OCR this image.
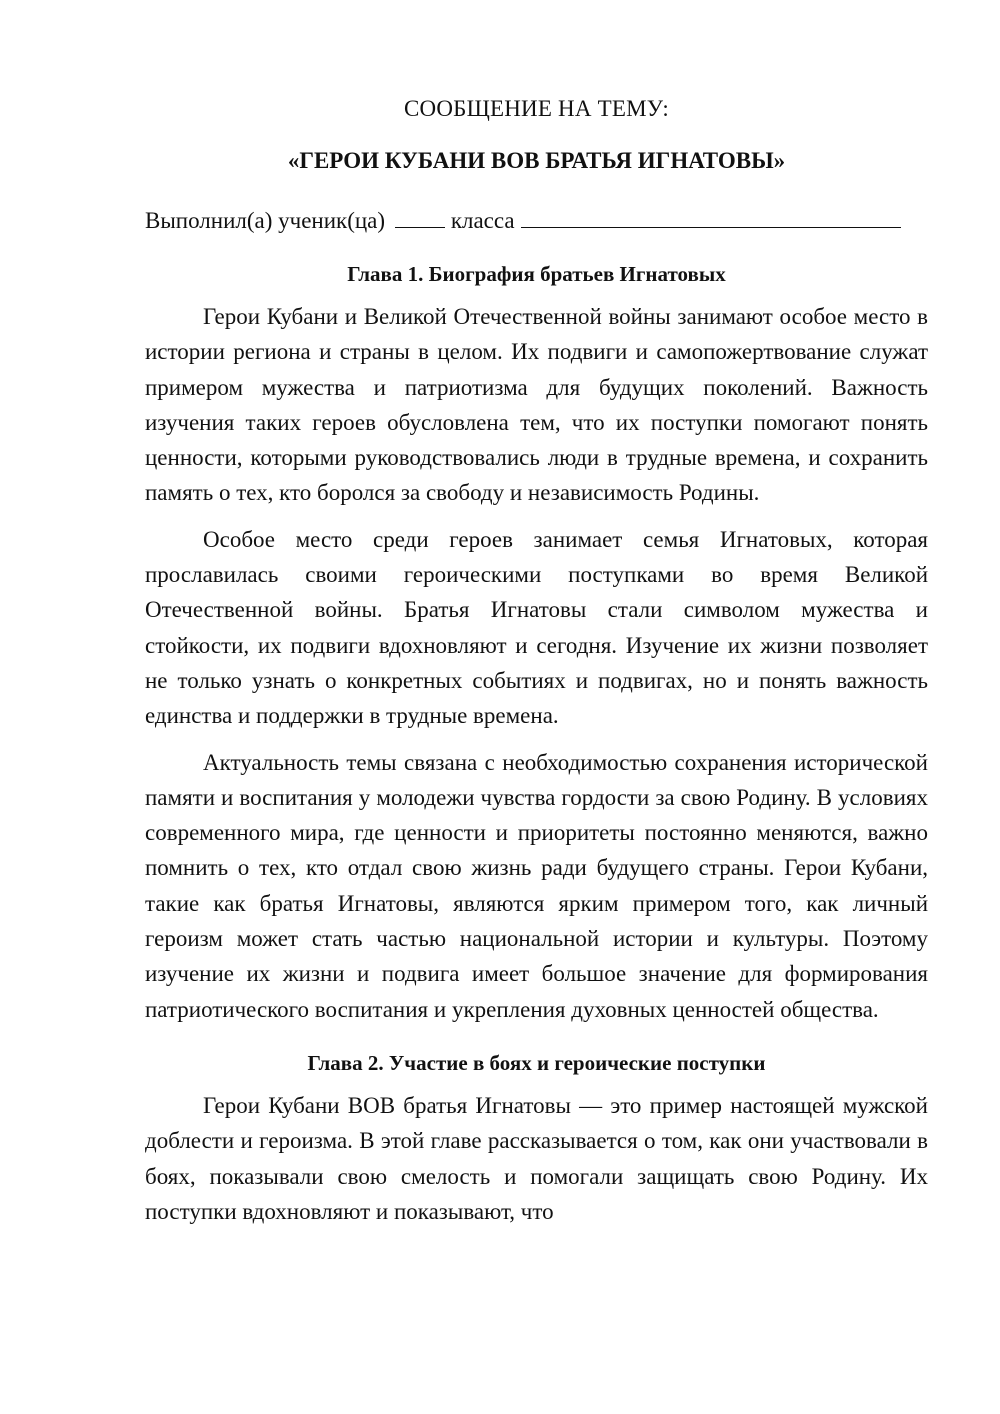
СООБЩЕНИЕ НА ТЕМУ:

«ГЕРОИ КУБАНИ ВОВ БРАТЬЯ ИГНАТОВЫ»

Выполнил(а) ученик(ца)	класса

Глава 1. Биография братьев Игнатовых

Герои Кубани и Великой Отечественной войны занимают особое место в истории региона и страны в целом. Их подвиги и самопожертвование служат примером мужества и патриотизма для будущих поколений. Важность изучения таких героев обусловлена тем, что их поступки помогают понять ценности, которыми руководствовались люди в трудные времена, и сохранить память о тех, кто боролся за свободу и независимость Родины.

Особое место среди героев занимает семья Игнатовых, которая прославилась своими героическими поступками во время Великой Отечественной войны. Братья Игнатовы стали символом мужества и стойкости, их подвиги вдохновляют и сегодня. Изучение их жизни позволяет не только узнать о конкретных событиях и подвигах, но и понять важность единства и поддержки в трудные времена.

Актуальность темы связана с необходимостью сохранения исторической памяти и воспитания у молодежи чувства гордости за свою Родину. В условиях современного мира, где ценности и приоритеты постоянно меняются, важно помнить о тех, кто отдал свою жизнь ради будущего страны. Герои Кубани, такие как братья Игнатовы, являются ярким примером того, как личный героизм может стать частью национальной истории и культуры. Поэтому изучение их жизни и подвига имеет большое значение для формирования патриотического воспитания и укрепления духовных ценностей общества.

Глава 2. Участие в боях и героические поступки

Герои Кубани ВОВ братья Игнатовы — это пример настоящей мужской доблести и героизма. В этой главе рассказывается о том, как они участвовали в боях, показывали свою смелость и помогали защищать свою Родину. Их поступки вдохновляют и показывают, что
